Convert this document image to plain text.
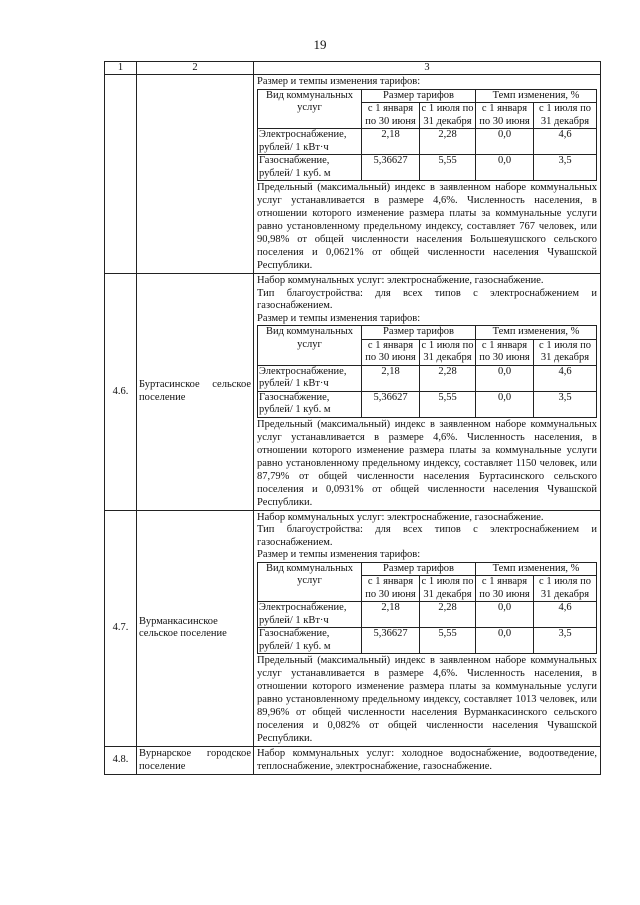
19
1	2	3

Размер и темпы изменения тарифов:
Вид коммунальных услуг	Размер тарифов	Темп изменения, %
с 1 января по 30 июня	с 1 июля по 31 декабря	с 1 января по 30 июня	с 1 июля по 31 декабря
Электроснабжение, рублей/ 1 кВт·ч	2,18	2,28	0,0	4,6
Газоснабжение, рублей/ 1 куб. м	5,36627	5,55	0,0	3,5
Предельный (максимальный) индекс в заявленном наборе коммунальных услуг устанавливается в размере 4,6%. Численность населения, в отношении которого изменение размера платы за коммунальные услуги равно установленному предельному индексу, составляет 767 человек, или 90,98% от общей численности населения Большеяушского сельского поселения и 0,0621% от общей численности населения Чувашской Республики.

4.6.	Буртасинское сельское поселение	
Набор коммунальных услуг: электроснабжение, газоснабжение.
Тип благоустройства: для всех типов с электроснабжением и газоснабжением.
Размер и темпы изменения тарифов:
Вид коммунальных услуг	Размер тарифов	Темп изменения, %
с 1 января по 30 июня	с 1 июля по 31 декабря	с 1 января по 30 июня	с 1 июля по 31 декабря
Электроснабжение, рублей/ 1 кВт·ч	2,18	2,28	0,0	4,6
Газоснабжение, рублей/ 1 куб. м	5,36627	5,55	0,0	3,5
Предельный (максимальный) индекс в заявленном наборе коммунальных услуг устанавливается в размере 4,6%. Численность населения, в отношении которого изменение размера платы за коммунальные услуги равно установленному предельному индексу, составляет 1150 человек, или 87,79% от общей численности населения Буртасинского сельского поселения и 0,0931% от общей численности населения Чувашской Республики.

4.7.	Вурманкасинское сельское поселение	
Набор коммунальных услуг: электроснабжение, газоснабжение.
Тип благоустройства: для всех типов с электроснабжением и газоснабжением.
Размер и темпы изменения тарифов:
Вид коммунальных услуг	Размер тарифов	Темп изменения, %
с 1 января по 30 июня	с 1 июля по 31 декабря	с 1 января по 30 июня	с 1 июля по 31 декабря
Электроснабжение, рублей/ 1 кВт·ч	2,18	2,28	0,0	4,6
Газоснабжение, рублей/ 1 куб. м	5,36627	5,55	0,0	3,5
Предельный (максимальный) индекс в заявленном наборе коммунальных услуг устанавливается в размере 4,6%. Численность населения, в отношении которого изменение размера платы за коммунальные услуги равно установленному предельному индексу, составляет 1013 человек, или 89,96% от общей численности населения Вурманкасинского сельского поселения и 0,082% от общей численности населения Чувашской Республики.

4.8.	Вурнарское городское поселение	
Набор коммунальных услуг: холодное водоснабжение, водоотведение, теплоснабжение, электроснабжение, газоснабжение.
